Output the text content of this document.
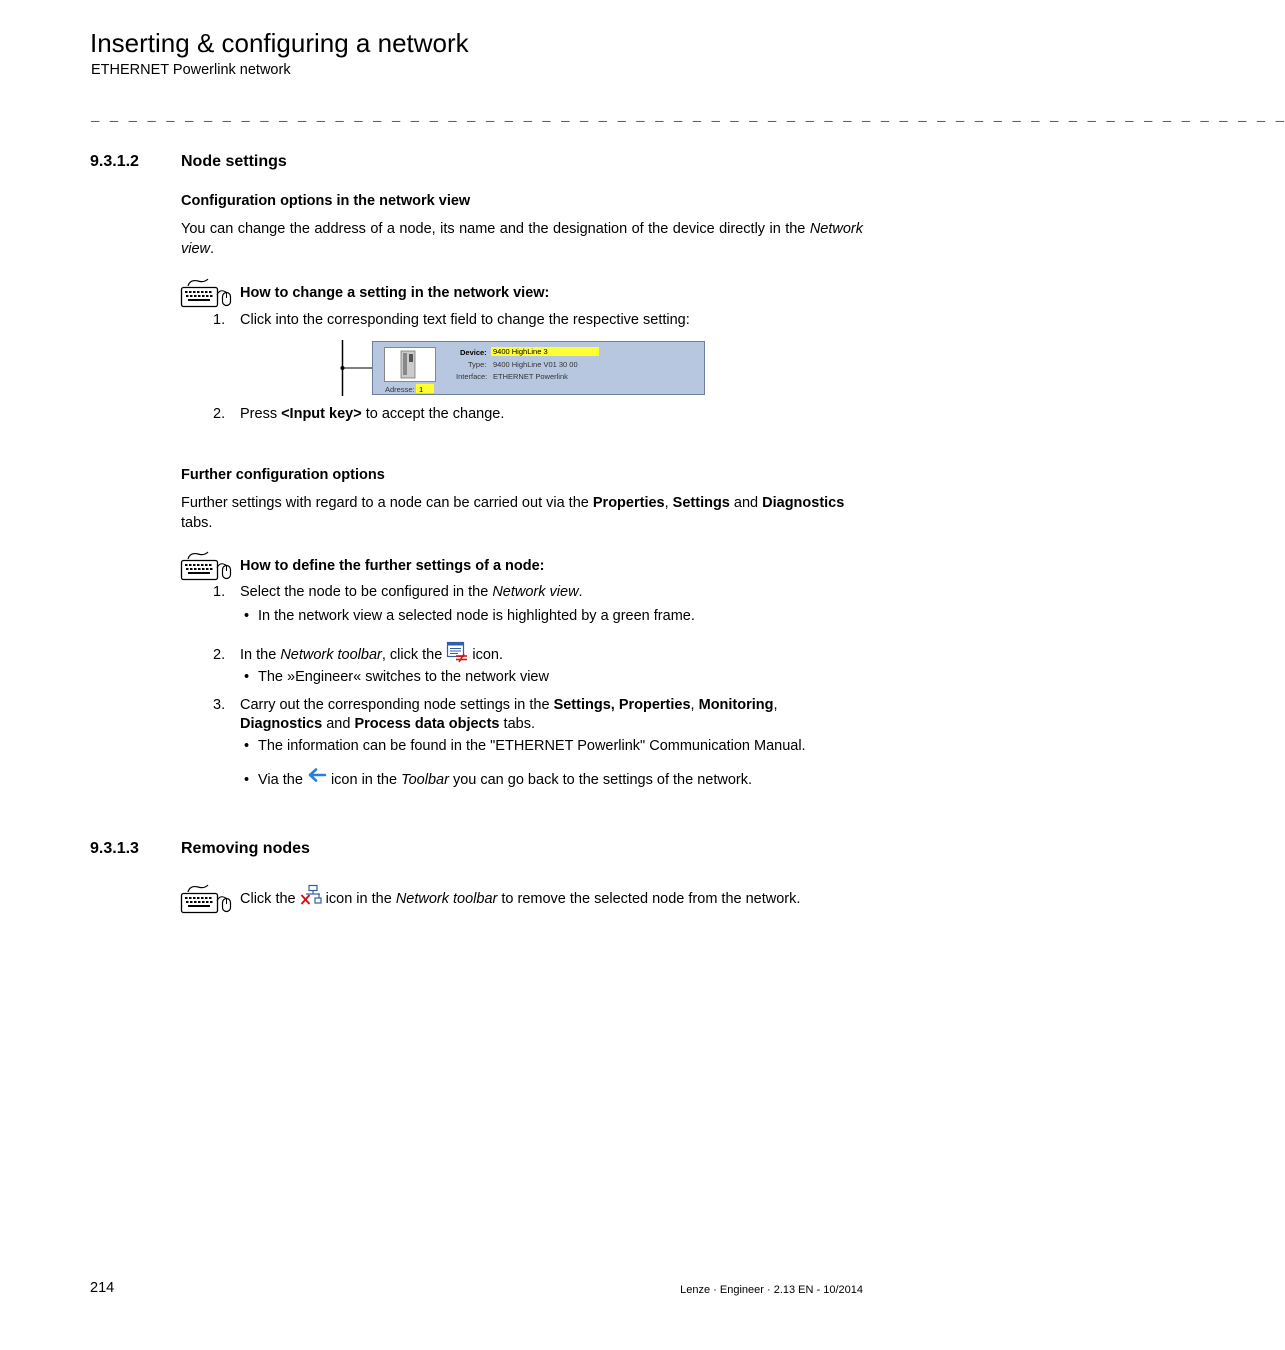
Inserting & configuring a network
ETHERNET Powerlink network
_ _ _ _ _ _ _ _ _ _ _ _ _ _ _ _ _ _ _ _ _ _ _ _ _ _ _ _ _ _ _ _ _ _ _ _ _ _ _ _ _ _ _ _ _ _ _ _ _ _ _ _ _ _ _ _ _ _ _ _ _ _ _ _
9.3.1.2	Node settings
Configuration options in the network view
You can change the address of a node, its name and the designation of the device directly in the Network view.
How to change a setting in the network view:
1. Click into the corresponding text field to change the respective setting:
Device: 9400 HighLine 3
Type: 9400 HighLine V01 30 00
Interface: ETHERNET Powerlink
Adresse: 1
2. Press <Input key> to accept the change.
Further configuration options
Further settings with regard to a node can be carried out via the Properties, Settings and Diagnostics
tabs.
How to define the further settings of a node:
1. Select the node to be configured in the Network view.
• In the network view a selected node is highlighted by a green frame.
2. In the Network toolbar, click the  icon.
• The »Engineer« switches to the network view
3. Carry out the corresponding node settings in the Settings, Properties, Monitoring,
Diagnostics and Process data objects tabs.
• The information can be found in the "ETHERNET Powerlink" Communication Manual.
• Via the  icon in the Toolbar you can go back to the settings of the network.
9.3.1.3	Removing nodes
Click the  icon in the Network toolbar to remove the selected node from the network.
214	Lenze · Engineer · 2.13 EN - 10/2014
